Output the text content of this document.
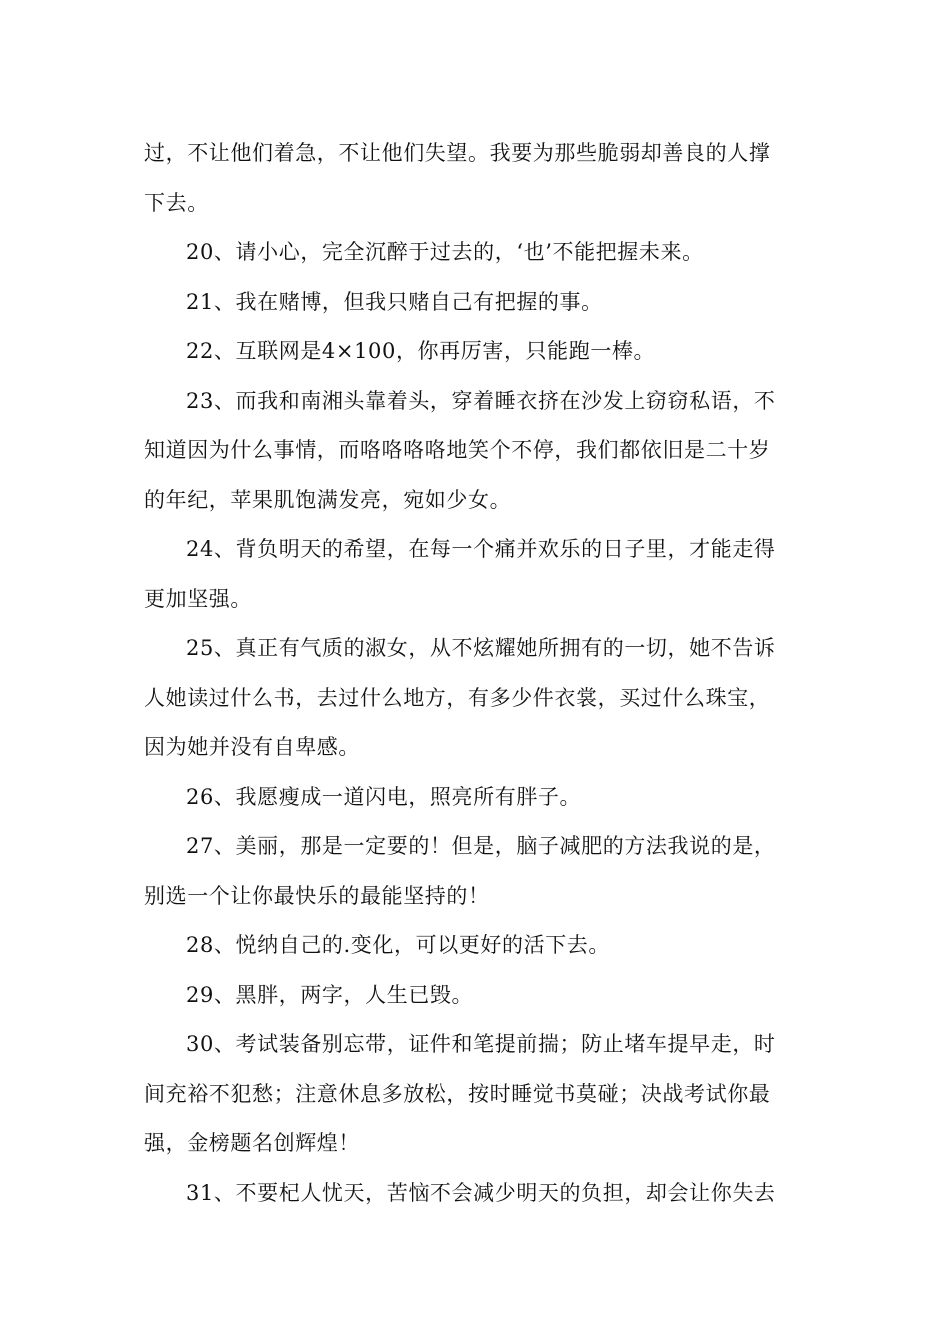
过，不让他们着急，不让他们失望。我要为那些脆弱却善良的人撑
下去。

20、请小心，完全沉醉于过去的，‘也’不能把握未来。

21、我在赌博，但我只赌自己有把握的事。

22、互联网是4×100，你再厉害，只能跑一棒。

23、而我和南湘头靠着头，穿着睡衣挤在沙发上窃窃私语，不
知道因为什么事情，而咯咯咯咯地笑个不停，我们都依旧是二十岁
的年纪，苹果肌饱满发亮，宛如少女。

24、背负明天的希望，在每一个痛并欢乐的日子里，才能走得
更加坚强。

25、真正有气质的淑女，从不炫耀她所拥有的一切，她不告诉
人她读过什么书，去过什么地方，有多少件衣裳，买过什么珠宝，
因为她并没有自卑感。

26、我愿瘦成一道闪电，照亮所有胖子。

27、美丽，那是一定要的！但是，脑子减肥的方法我说的是，
别选一个让你最快乐的最能坚持的！

28、悦纳自己的.变化，可以更好的活下去。

29、黑胖，两字，人生已毁。

30、考试装备别忘带，证件和笔提前揣；防止堵车提早走，时
间充裕不犯愁；注意休息多放松，按时睡觉书莫碰；决战考试你最
强，金榜题名创辉煌！

31、不要杞人忧天，苦恼不会减少明天的负担，却会让你失去
